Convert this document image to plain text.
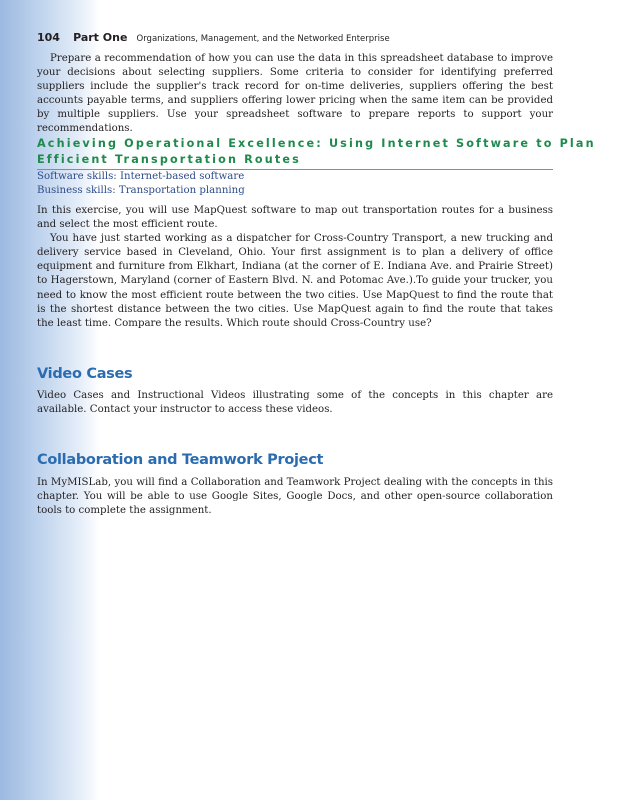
104 Part One Organizations, Management, and the Networked Enterprise

Prepare a recommendation of how you can use the data in this spreadsheet database to improve your decisions about selecting suppliers. Some criteria to consider for identifying preferred suppliers include the supplier's track record for on-time deliveries, suppliers offering the best accounts payable terms, and suppliers offering lower pricing when the same item can be provided by multiple suppliers. Use your spreadsheet software to prepare reports to support your recommendations.

Achieving Operational Excellence: Using Internet Software to Plan
Efficient Transportation Routes
Software skills: Internet-based software
Business skills: Transportation planning

In this exercise, you will use MapQuest software to map out transportation routes for a business and select the most efficient route.

You have just started working as a dispatcher for Cross-Country Transport, a new trucking and delivery service based in Cleveland, Ohio. Your first assignment is to plan a delivery of office equipment and furniture from Elkhart, Indiana (at the corner of E. Indiana Ave. and Prairie Street) to Hagerstown, Maryland (corner of Eastern Blvd. N. and Potomac Ave.).To guide your trucker, you need to know the most efficient route between the two cities. Use MapQuest to find the route that is the shortest distance between the two cities. Use MapQuest again to find the route that takes the least time. Compare the results. Which route should Cross-Country use?

Video Cases

Video Cases and Instructional Videos illustrating some of the concepts in this chapter are available. Contact your instructor to access these videos.

Collaboration and Teamwork Project

In MyMISLab, you will find a Collaboration and Teamwork Project dealing with the concepts in this chapter. You will be able to use Google Sites, Google Docs, and other open-source collaboration tools to complete the assignment.
